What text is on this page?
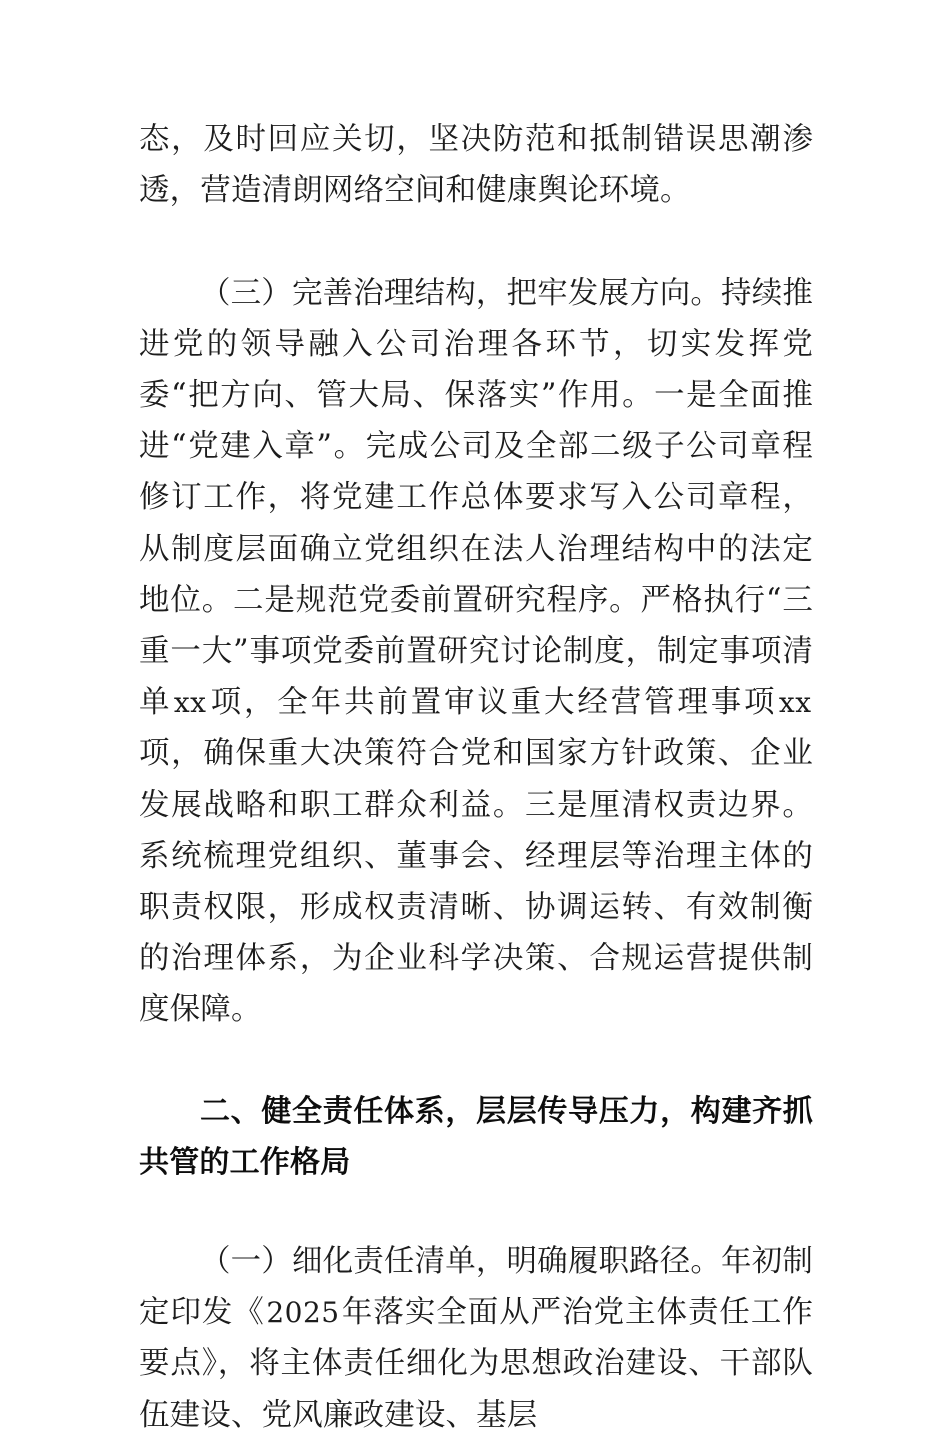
态，及时回应关切，坚决防范和抵制错误思潮渗透，营造清朗网络空间和健康舆论环境。

（三）完善治理结构，把牢发展方向。持续推进党的领导融入公司治理各环节，切实发挥党委“把方向、管大局、保落实”作用。一是全面推进“党建入章”。完成公司及全部二级子公司章程修订工作，将党建工作总体要求写入公司章程，从制度层面确立党组织在法人治理结构中的法定地位。二是规范党委前置研究程序。严格执行“三重一大”事项党委前置研究讨论制度，制定事项清单xx项，全年共前置审议重大经营管理事项xx项，确保重大决策符合党和国家方针政策、企业发展战略和职工群众利益。三是厘清权责边界。系统梳理党组织、董事会、经理层等治理主体的职责权限，形成权责清晰、协调运转、有效制衡的治理体系，为企业科学决策、合规运营提供制度保障。

二、健全责任体系，层层传导压力，构建齐抓共管的工作格局

（一）细化责任清单，明确履职路径。年初制定印发《2025年落实全面从严治党主体责任工作要点》，将主体责任细化为思想政治建设、干部队伍建设、党风廉政建设、基层
